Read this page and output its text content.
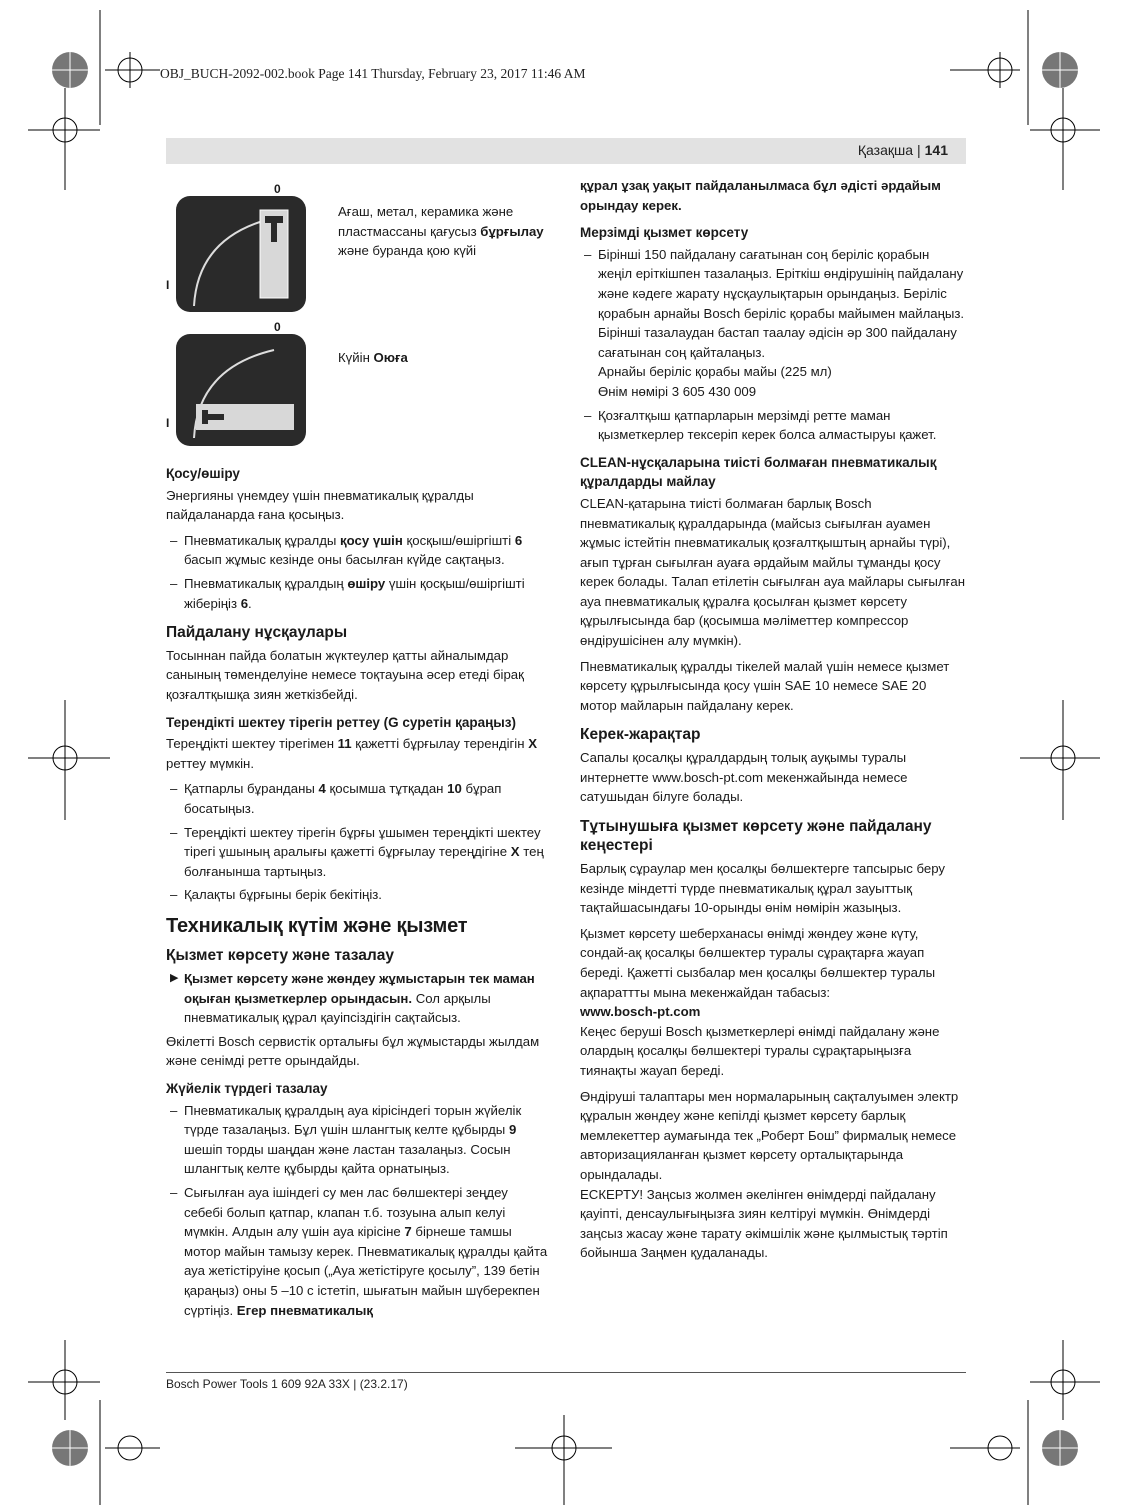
OBJ_BUCH-2092-002.book Page 141 Thursday, February 23, 2017 11:46 AM
Қазақша | 141
0
I
Ағаш, метал, керамика және пластмассаны қағусыз бұрғылау және буранда қою күйі
0
I
Күйін Оюға
Қосу/өшіру

Энергияны үнемдеу үшін пневматикалық құралды пайдаланарда ғана қосыңыз.

– Пневматикалық құралды қосу үшін қосқыш/өшіргішті 6 басып жұмыс кезінде оны басылған күйде сақтаңыз.
– Пневматикалық құралдың өшіру үшін қосқыш/өшіргішті жіберіңіз 6.
Пайдалану нұсқаулары

Тосыннан пайда болатын жүктеулер қатты айналымдар санының төменделуіне немесе тоқтауына әсер етеді бірақ қозғалтқышқа зиян жеткізбейді.

Терендікті шектеу тірегін реттеу (G суретін қараңыз)

Тереңдікті шектеу тірегімен 11 қажетті бұрғылау терендігін X реттеу мүмкін.

– Қатпарлы бұранданы 4 қосымша тұтқадан 10 бұрап босатыңыз.
– Тереңдікті шектеу тірегін бұрғы ұшымен тереңдікті шектеу тірегі ұшының аралығы қажетті бұрғылау тереңдігіне X тең болғанынша тартыңыз.
– Қалақты бұрғыны берік бекітіңіз.
Техникалық күтім және қызмет
Қызмет көрсету және тазалау
▶ Қызмет көрсету және жөндеу жұмыстарын тек маман оқыған қызметкерлер орындасын. Сол арқылы пневматикалық құрал қауіпсіздігін сақтайсыз.

Өкілетті Bosch сервистік орталығы бұл жұмыстарды жылдам және сенімді ретте орындайды.

Жүйелік түрдегі тазалау
– Пневматикалық құралдың ауа кірісіндегі торын жүйелік түрде тазалаңыз. Бұл үшін шлангтық келте құбырды 9 шешіп торды шаңдан және ластан тазалаңыз. Сосын шлангтық келте құбырды қайта орнатыңыз.
– Сығылған ауа ішіндегі су мен лас бөлшектері зеңдеу себебі болып қатпар, клапан т.б. тозуына алып келуі мүмкін. Алдын алу үшін ауа кірісіне 7 бірнеше тамшы мотор майын тамызу керек. Пневматикалық құралды қайта ауа жетістіруіне қосып („Ауа жетістіруге қосылу”, 139 бетін қараңыз) оны 5 –10 с істетіп, шығатын майын шүберекпен сүртіңіз. Егер пневматикалық

құрал ұзақ уақыт пайдаланылмаса бұл әдісті әрдайым орындау керек.

Мерзімді қызмет көрсету
– Бірінші 150 пайдалану сағатынан соң беріліс қорабын жеңіл еріткішпен тазалаңыз. Еріткіш өндірушінің пайдалану және кәдеге жарату нұсқаулықтарын орындаңыз. Беріліс қорабын арнайы Bosch беріліс қорабы майымен майлаңыз. Бірінші тазалаудан бастап таалау әдісін әр 300 пайдалану сағатынан соң қайталаңыз.
Арнайы беріліс қорабы майы (225 мл)
Өнім нөмірі 3 605 430 009
– Қозғалтқыш қатпарларын мерзімді ретте маман қызметкерлер тексеріп керек болса алмастыруы қажет.
CLEAN-нұсқаларына тиісті болмаған пневматикалық құралдарды майлау

CLEAN-қатарына тиісті болмаған барлық Bosch пневматикалық құралдарында (майсыз сығылған ауамен жұмыс істейтін пневматикалық қозғалтқыштың арнайы түрі), ағып тұрған сығылған ауаға әрдайым майлы тұманды қосу керек болады. Талап етілетін сығылған ауа майлары сығылған ауа пневматикалық құралға қосылған қызмет көрсету құрылғысында бар (қосымша мәліметтер компрессор өндірушісінен алу мүмкін).

Пневматикалық құралды тікелей малай үшін немесе қызмет көрсету құрылғысында қосу үшін SAE 10 немесе SAE 20 мотор майларын пайдалану керек.

Керек-жарақтар

Сапалы қосалқы құралдардың толық ауқымы туралы интернетте www.bosch-pt.com мекенжайында немесе сатушыдан білуге болады.

Тұтынушыға қызмет көрсету және пайдалану кеңестері

Барлық сұраулар мен қосалқы бөлшектерге тапсырыс беру кезінде міндетті түрде пневматикалық құрал зауыттық тақтайшасындағы 10-орынды өнім нөмірін жазыңыз.

Қызмет көрсету шеберханасы өнімді жөндеу және күту, сондай-ақ қосалқы бөлшектер туралы сұрақтарға жауап береді. Қажетті сызбалар мен қосалқы бөлшектер туралы ақпараттты мына мекенжайдан табасыз:
www.bosch-pt.com

Кеңес беруші Bosch қызметкерлері өнімді пайдалану және олардың қосалқы бөлшектері туралы сұрақтарыңызға тиянақты жауап береді.

Өндіруші талаптары мен нормаларының сақталуымен электр құралын жөндеу және кепілді қызмет көрсету барлық мемлекеттер аумағында тек „Роберт Бош” фирмалық немесе авторизацияланған қызмет көрсету орталықтарында орындалады.

ЕСКЕРТУ! Заңсыз жолмен әкелінген өнімдерді пайдалану қауіпті, денсаулығыңызға зиян келтіруі мүмкін. Өнімдерді заңсыз жасау және тарату әкімшілік және қылмыстық тәртіп бойынша Заңмен қудаланады.

Bosch Power Tools 1 609 92A 33X | (23.2.17)
